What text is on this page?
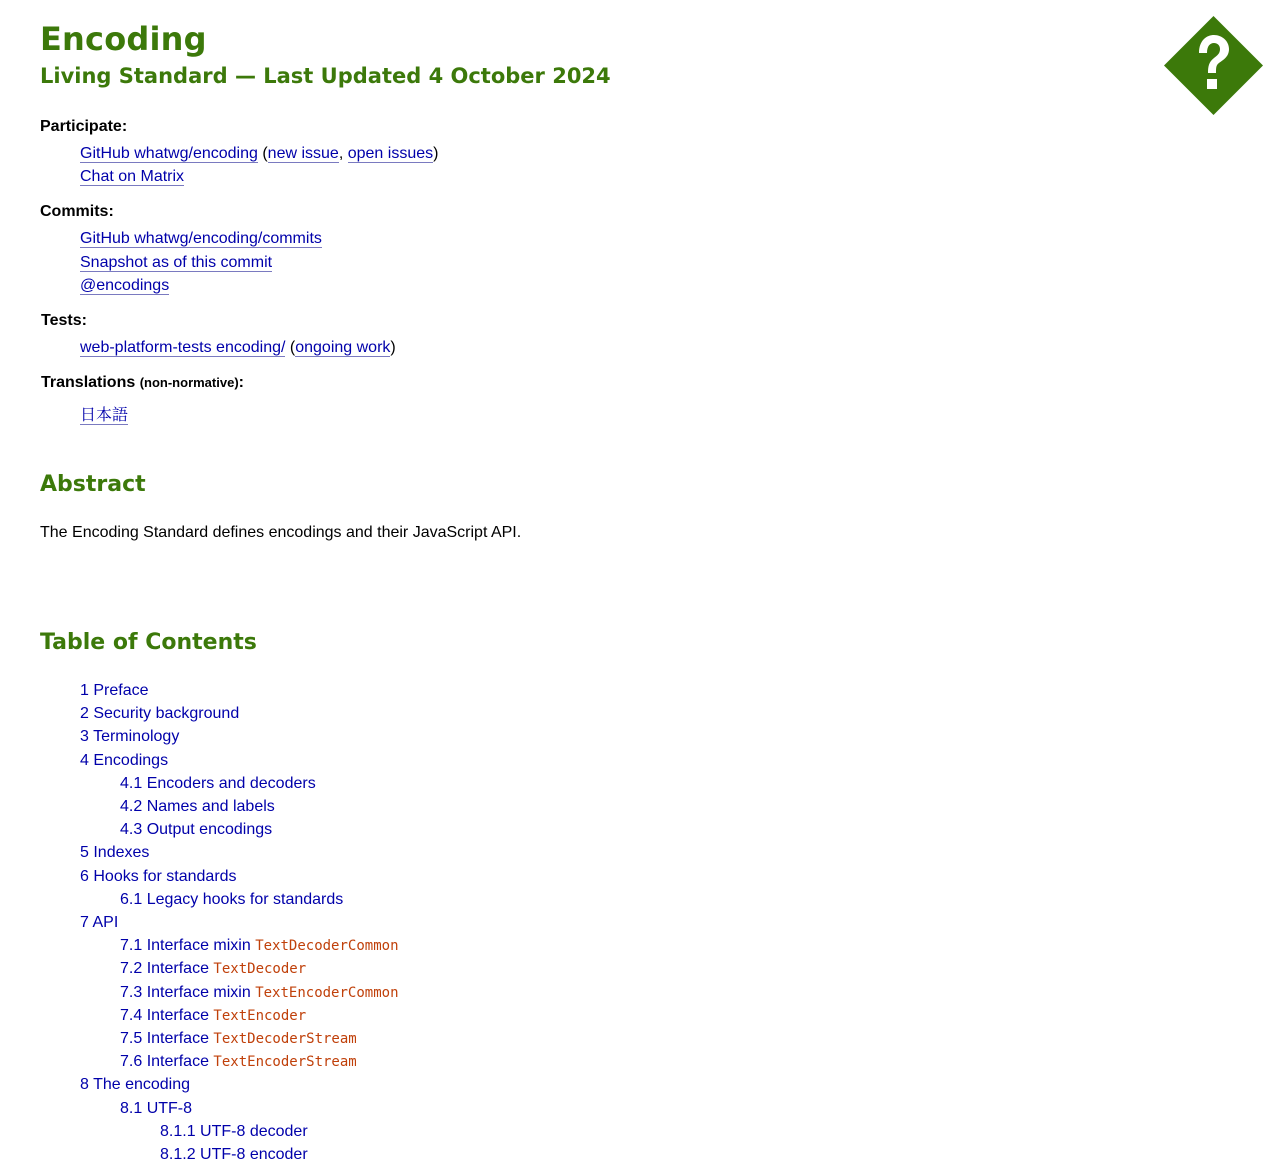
Encoding
Living Standard — Last Updated 4 October 2024
Participate:
GitHub whatwg/encoding (new issue, open issues)
Chat on Matrix
Commits:
GitHub whatwg/encoding/commits
Snapshot as of this commit
@encodings
Tests:
web-platform-tests encoding/ (ongoing work)
Translations (non-normative):
日本語
Abstract

The Encoding Standard defines encodings and their JavaScript API.

Table of Contents
1 Preface
2 Security background
3 Terminology
4 Encodings
4.1 Encoders and decoders
4.2 Names and labels
4.3 Output encodings
5 Indexes
6 Hooks for standards
6.1 Legacy hooks for standards
7 API
7.1 Interface mixin TextDecoderCommon
7.2 Interface TextDecoder
7.3 Interface mixin TextEncoderCommon
7.4 Interface TextEncoder
7.5 Interface TextDecoderStream
7.6 Interface TextEncoderStream
8 The encoding
8.1 UTF-8
8.1.1 UTF-8 decoder
8.1.2 UTF-8 encoder
